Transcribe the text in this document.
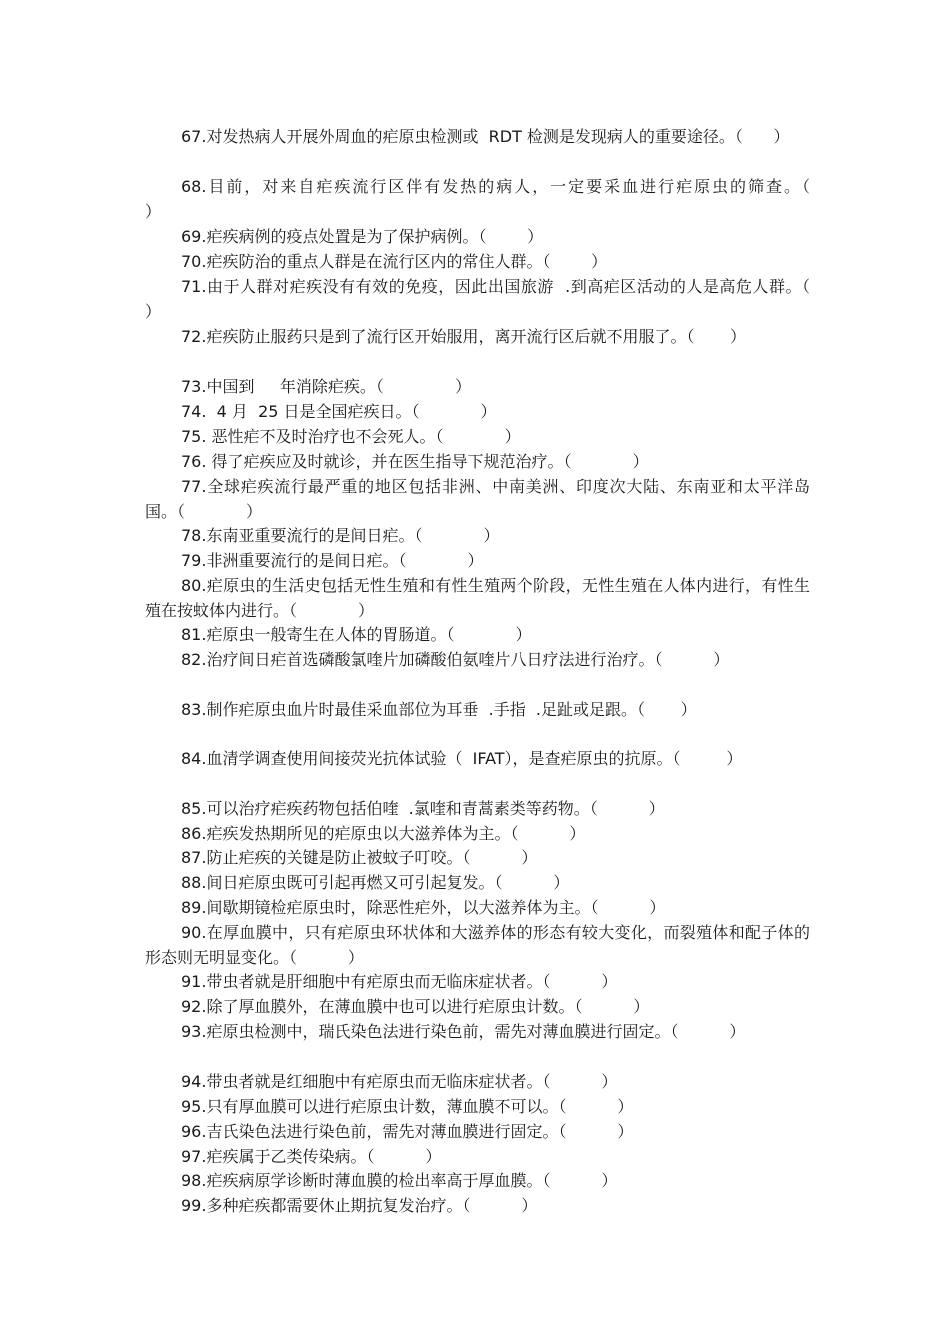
67.对发热病人开展外周血的疟原虫检测或  RDT 检测是发现病人的重要途径。（      ）

68.目前，对来自疟疾流行区伴有发热的病人，一定要采血进行疟原虫的筛查。（            ）

69.疟疾病例的疫点处置是为了保护病例。（        ）

70.疟疾防治的重点人群是在流行区内的常住人群。（        ）

71.由于人群对疟疾没有有效的免疫，因此出国旅游  .到高疟区活动的人是高危人群。（       ）

72.疟疾防止服药只是到了流行区开始服用，离开流行区后就不用服了。（       ）

73.中国到     年消除疟疾。（              ）

74.  4 月  25 日是全国疟疾日。（            ）

75. 恶性疟不及时治疗也不会死人。（            ）

76. 得了疟疾应及时就诊，并在医生指导下规范治疗。（            ）

77.全球疟疾流行最严重的地区包括非洲、中南美洲、印度次大陆、东南亚和太平洋岛国。（            ）

78.东南亚重要流行的是间日疟。（            ）

79.非洲重要流行的是间日疟。（            ）

80.疟原虫的生活史包括无性生殖和有性生殖两个阶段，无性生殖在人体内进行，有性生殖在按蚊体内进行。（            ）

81.疟原虫一般寄生在人体的胃肠道。（            ）

82.治疗间日疟首选磷酸氯喹片加磷酸伯氨喹片八日疗法进行治疗。（          ）

83.制作疟原虫血片时最佳采血部位为耳垂  .手指  .足趾或足跟。（       ）

84.血清学调查使用间接荧光抗体试验（  IFAT），是查疟原虫的抗原。（         ）

85.可以治疗疟疾药物包括伯喹  .氯喹和青蒿素类等药物。（          ）

86.疟疾发热期所见的疟原虫以大滋养体为主。（          ）

87.防止疟疾的关键是防止被蚊子叮咬。（          ）

88.间日疟原虫既可引起再燃又可引起复发。（          ）

89.间歇期镜检疟原虫时，除恶性疟外，以大滋养体为主。（          ）

90.在厚血膜中，只有疟原虫环状体和大滋养体的形态有较大变化，而裂殖体和配子体的形态则无明显变化。（          ）

91.带虫者就是肝细胞中有疟原虫而无临床症状者。（          ）

92.除了厚血膜外，在薄血膜中也可以进行疟原虫计数。（          ）

93.疟原虫检测中，瑞氏染色法进行染色前，需先对薄血膜进行固定。（          ）

94.带虫者就是红细胞中有疟原虫而无临床症状者。（          ）

95.只有厚血膜可以进行疟原虫计数，薄血膜不可以。（          ）

96.吉氏染色法进行染色前，需先对薄血膜进行固定。（          ）

97.疟疾属于乙类传染病。（          ）

98.疟疾病原学诊断时薄血膜的检出率高于厚血膜。（          ）

99.多种疟疾都需要休止期抗复发治疗。（          ）
